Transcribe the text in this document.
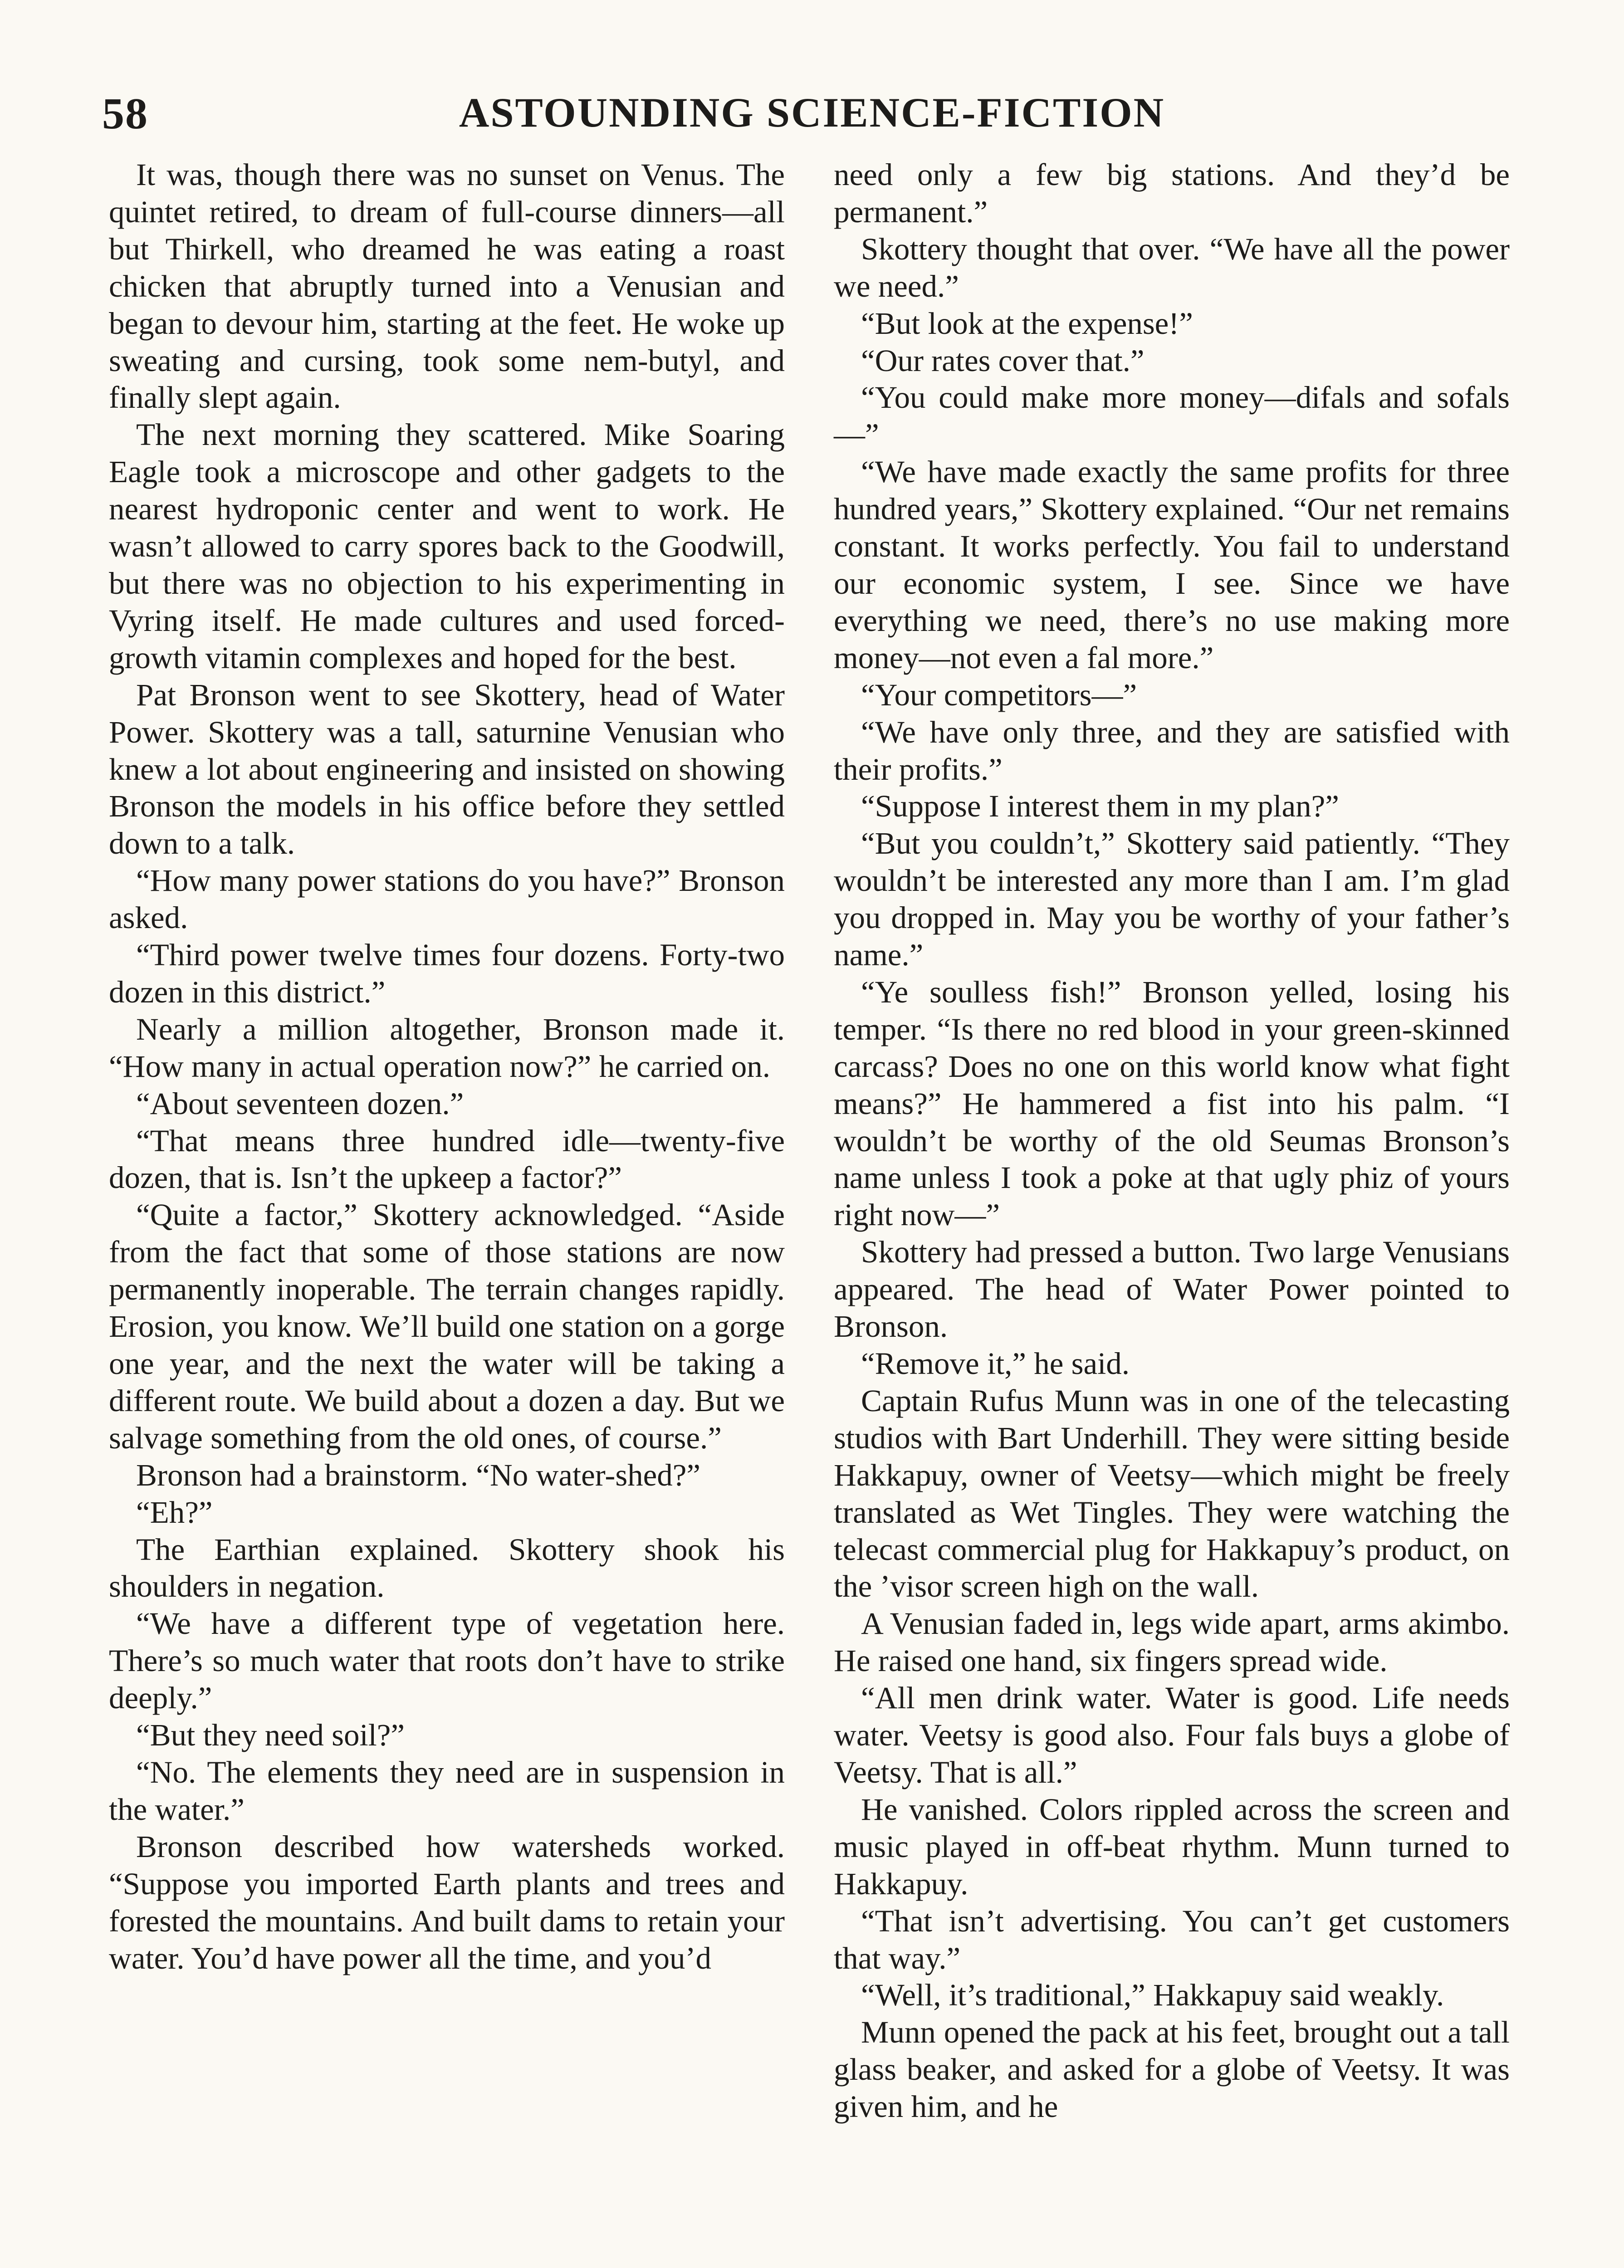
58	ASTOUNDING SCIENCE-FICTION

It was, though there was no sunset on Venus. The quintet retired, to dream of full-course dinners—all but Thirkell, who dreamed he was eating a roast chicken that abruptly turned into a Venusian and began to devour him, starting at the feet. He woke up sweating and cursing, took some nem-butyl, and finally slept again.

The next morning they scattered. Mike Soaring Eagle took a microscope and other gadgets to the nearest hydroponic center and went to work. He wasn’t allowed to carry spores back to the Goodwill, but there was no objection to his experimenting in Vyring itself. He made cultures and used forced-growth vitamin complexes and hoped for the best.

Pat Bronson went to see Skottery, head of Water Power. Skottery was a tall, saturnine Venusian who knew a lot about engineering and insisted on showing Bronson the models in his office before they settled down to a talk.

“How many power stations do you have?” Bronson asked.

“Third power twelve times four dozens. Forty-two dozen in this district.”

Nearly a million altogether, Bronson made it. “How many in actual operation now?” he carried on.

“About seventeen dozen.”

“That means three hundred idle—twenty-five dozen, that is. Isn’t the upkeep a factor?”

“Quite a factor,” Skottery acknowledged. “Aside from the fact that some of those stations are now permanently inoperable. The terrain changes rapidly. Erosion, you know. We’ll build one station on a gorge one year, and the next the water will be taking a different route. We build about a dozen a day. But we salvage something from the old ones, of course.”

Bronson had a brainstorm. “No water-shed?”

“Eh?”

The Earthian explained. Skottery shook his shoulders in negation.

“We have a different type of vegetation here. There’s so much water that roots don’t have to strike deeply.”

“But they need soil?”

“No. The elements they need are in suspension in the water.”

Bronson described how watersheds worked. “Suppose you imported Earth plants and trees and forested the mountains. And built dams to retain your water. You’d have power all the time, and you’d

need only a few big stations. And they’d be permanent.”

Skottery thought that over. “We have all the power we need.”

“But look at the expense!”

“Our rates cover that.”

“You could make more money—difals and sofals—”

“We have made exactly the same profits for three hundred years,” Skottery explained. “Our net remains constant. It works perfectly. You fail to understand our economic system, I see. Since we have everything we need, there’s no use making more money—not even a fal more.”

“Your competitors—”

“We have only three, and they are satisfied with their profits.”

“Suppose I interest them in my plan?”

“But you couldn’t,” Skottery said patiently. “They wouldn’t be interested any more than I am. I’m glad you dropped in. May you be worthy of your father’s name.”

“Ye soulless fish!” Bronson yelled, losing his temper. “Is there no red blood in your green-skinned carcass? Does no one on this world know what fight means?” He hammered a fist into his palm. “I wouldn’t be worthy of the old Seumas Bronson’s name unless I took a poke at that ugly phiz of yours right now—”

Skottery had pressed a button. Two large Venusians appeared. The head of Water Power pointed to Bronson.

“Remove it,” he said.

Captain Rufus Munn was in one of the telecasting studios with Bart Underhill. They were sitting beside Hakkapuy, owner of Veetsy—which might be freely translated as Wet Tingles. They were watching the telecast commercial plug for Hakkapuy’s product, on the ’visor screen high on the wall.

A Venusian faded in, legs wide apart, arms akimbo. He raised one hand, six fingers spread wide.

“All men drink water. Water is good. Life needs water. Veetsy is good also. Four fals buys a globe of Veetsy. That is all.”

He vanished. Colors rippled across the screen and music played in off-beat rhythm. Munn turned to Hakkapuy.

“That isn’t advertising. You can’t get customers that way.”

“Well, it’s traditional,” Hakkapuy said weakly.

Munn opened the pack at his feet, brought out a tall glass beaker, and asked for a globe of Veetsy. It was given him, and he
